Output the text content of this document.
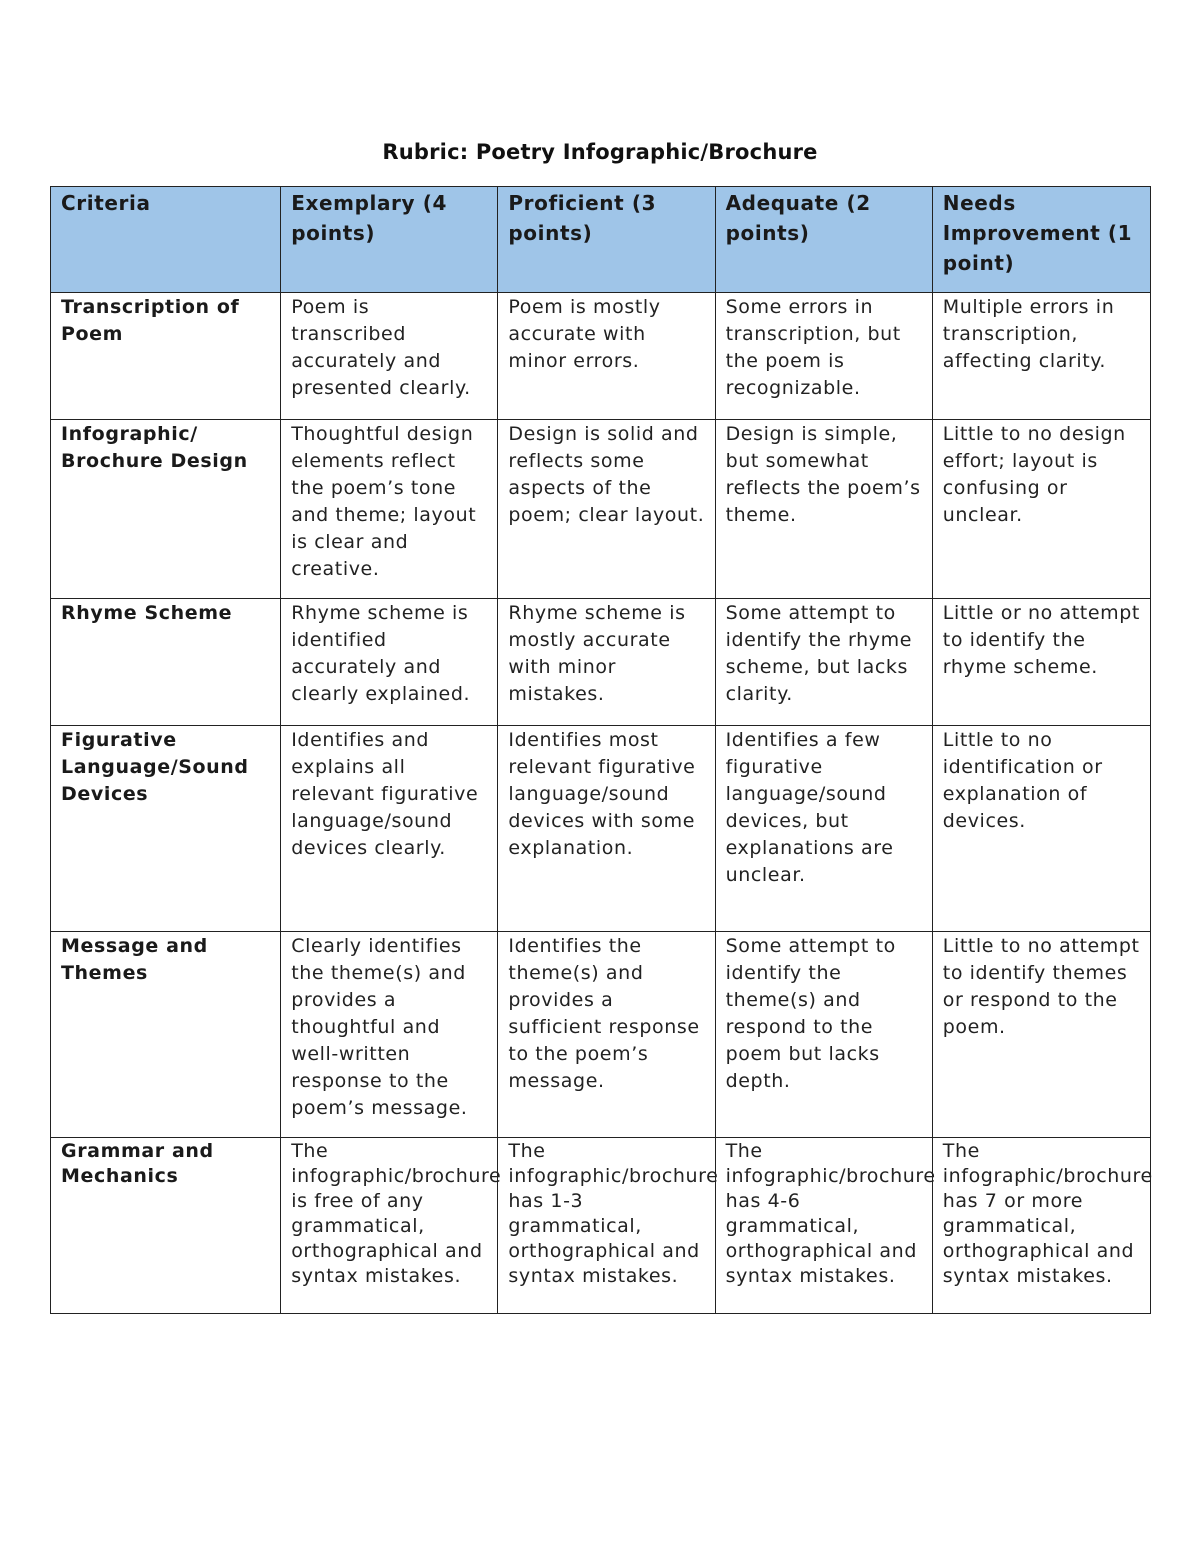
Rubric: Poetry Infographic/Brochure
Criteria	Exemplary (4 points)	Proficient (3 points)	Adequate (2 points)	Needs Improvement (1 point)
Transcription of Poem	Poem is transcribed accurately and presented clearly.	Poem is mostly accurate with minor errors.	Some errors in transcription, but the poem is recognizable.	Multiple errors in transcription, affecting clarity.
Infographic/ Brochure Design	Thoughtful design elements reflect the poem’s tone and theme; layout is clear and creative.	Design is solid and reflects some aspects of the poem; clear layout.	Design is simple, but somewhat reflects the poem’s theme.	Little to no design effort; layout is confusing or unclear.
Rhyme Scheme	Rhyme scheme is identified accurately and clearly explained.	Rhyme scheme is mostly accurate with minor mistakes.	Some attempt to identify the rhyme scheme, but lacks clarity.	Little or no attempt to identify the rhyme scheme.
Figurative Language/Sound Devices	Identifies and explains all relevant figurative language/sound devices clearly.	Identifies most relevant figurative language/sound devices with some explanation.	Identifies a few figurative language/sound devices, but explanations are unclear.	Little to no identification or explanation of devices.
Message and Themes	Clearly identifies the theme(s) and provides a thoughtful and well-written response to the poem’s message.	Identifies the theme(s) and provides a sufficient response to the poem’s message.	Some attempt to identify the theme(s) and respond to the poem but lacks depth.	Little to no attempt to identify themes or respond to the poem.
Grammar and Mechanics	The infographic/brochure is free of any grammatical, orthographical and syntax mistakes.	The infographic/brochure has 1-3 grammatical, orthographical and syntax mistakes.	The infographic/brochure has 4-6 grammatical, orthographical and syntax mistakes.	The infographic/brochure has 7 or more grammatical, orthographical and syntax mistakes.
